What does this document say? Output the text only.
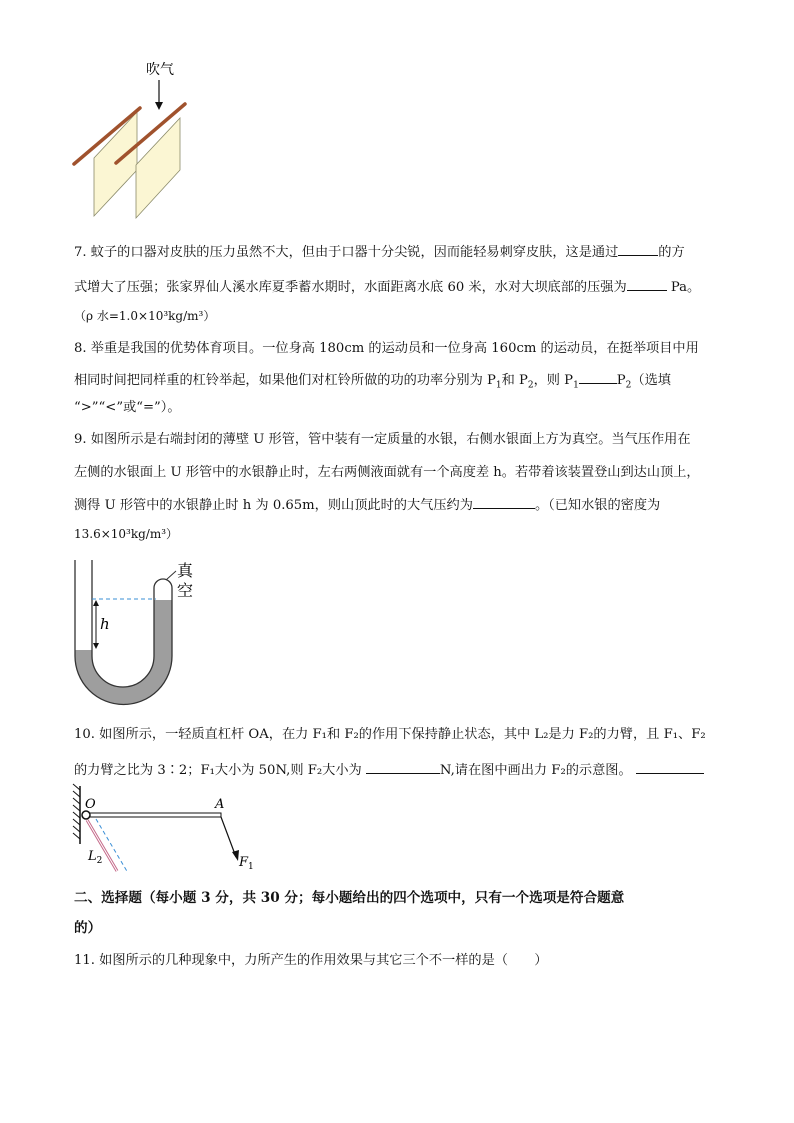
吹气
7. 蚊子的口器对皮肤的压力虽然不大，但由于口器十分尖锐，因而能轻易刺穿皮肤，这是通过	的方
式增大了压强；张家界仙人溪水库夏季蓄水期时，水面距离水底 60 米，水对大坝底部的压强为	Pa。
（ρ 水=1.0×10³kg/m³）
8. 举重是我国的优势体育项目。一位身高 180cm 的运动员和一位身高 160cm 的运动员，在挺举项目中用
相同时间把同样重的杠铃举起，如果他们对杠铃所做的功的功率分别为 $P_1$和 $P_2$，则 $P_1$	$P_2$（选填
“>”“<”或“=”）。
9. 如图所示是右端封闭的薄壁 U 形管，管中装有一定质量的水银，右侧水银面上方为真空。当气压作用在
左侧的水银面上 U 形管中的水银静止时，左右两侧液面就有一个高度差 h。若带着该装置登山到达山顶上，
测得 U 形管中的水银静止时 h 为 0.65m，则山顶此时的大气压约为	。（已知水银的密度为
13.6×10³kg/m³）
h
真
空
10. 如图所示，一轻质直杠杆 OA，在力 F₁和 F₂的作用下保持静止状态，其中 L₂是力 F₂的力臂，且 F₁、F₂
的力臂之比为 3∶2；F₁大小为 50N,则 F₂大小为	N,请在图中画出力 F₂的示意图。
O	A
$L_2$	$F_1$
二、选择题（每小题 3 分，共 30 分；每小题给出的四个选项中，只有一个选项是符合题意
的）
11. 如图所示的几种现象中，力所产生的作用效果与其它三个不一样的是（　　）
